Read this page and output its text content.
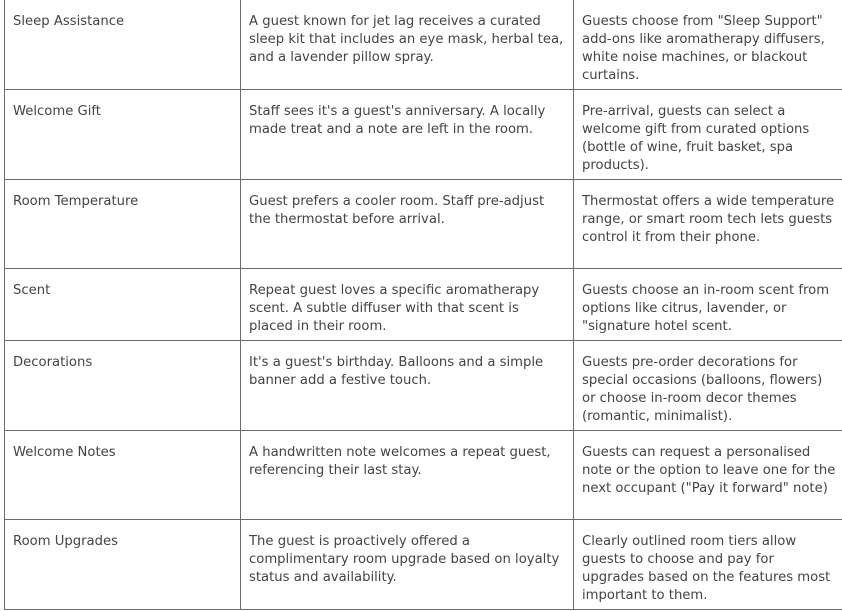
Sleep Assistance	A guest known for jet lag receives a curated sleep kit that includes an eye mask, herbal tea, and a lavender pillow spray.	Guests choose from "Sleep Support" add-ons like aromatherapy diffusers, white noise machines, or blackout curtains.
Welcome Gift	Staff sees it's a guest's anniversary. A locally made treat and a note are left in the room.	Pre-arrival, guests can select a welcome gift from curated options (bottle of wine, fruit basket, spa products).
Room Temperature	Guest prefers a cooler room. Staff pre-adjust the thermostat before arrival.	Thermostat offers a wide temperature range, or smart room tech lets guests control it from their phone.
Scent	Repeat guest loves a specific aromatherapy scent. A subtle diffuser with that scent is placed in their room.	Guests choose an in-room scent from options like citrus, lavender, or "signature hotel scent.
Decorations	It's a guest's birthday. Balloons and a simple banner add a festive touch.	Guests pre-order decorations for special occasions (balloons, flowers) or choose in-room decor themes (romantic, minimalist).
Welcome Notes	A handwritten note welcomes a repeat guest, referencing their last stay.	Guests can request a personalised note or the option to leave one for the next occupant ("Pay it forward" note)
Room Upgrades	The guest is proactively offered a complimentary room upgrade based on loyalty status and availability.	Clearly outlined room tiers allow guests to choose and pay for upgrades based on the features most important to them.
